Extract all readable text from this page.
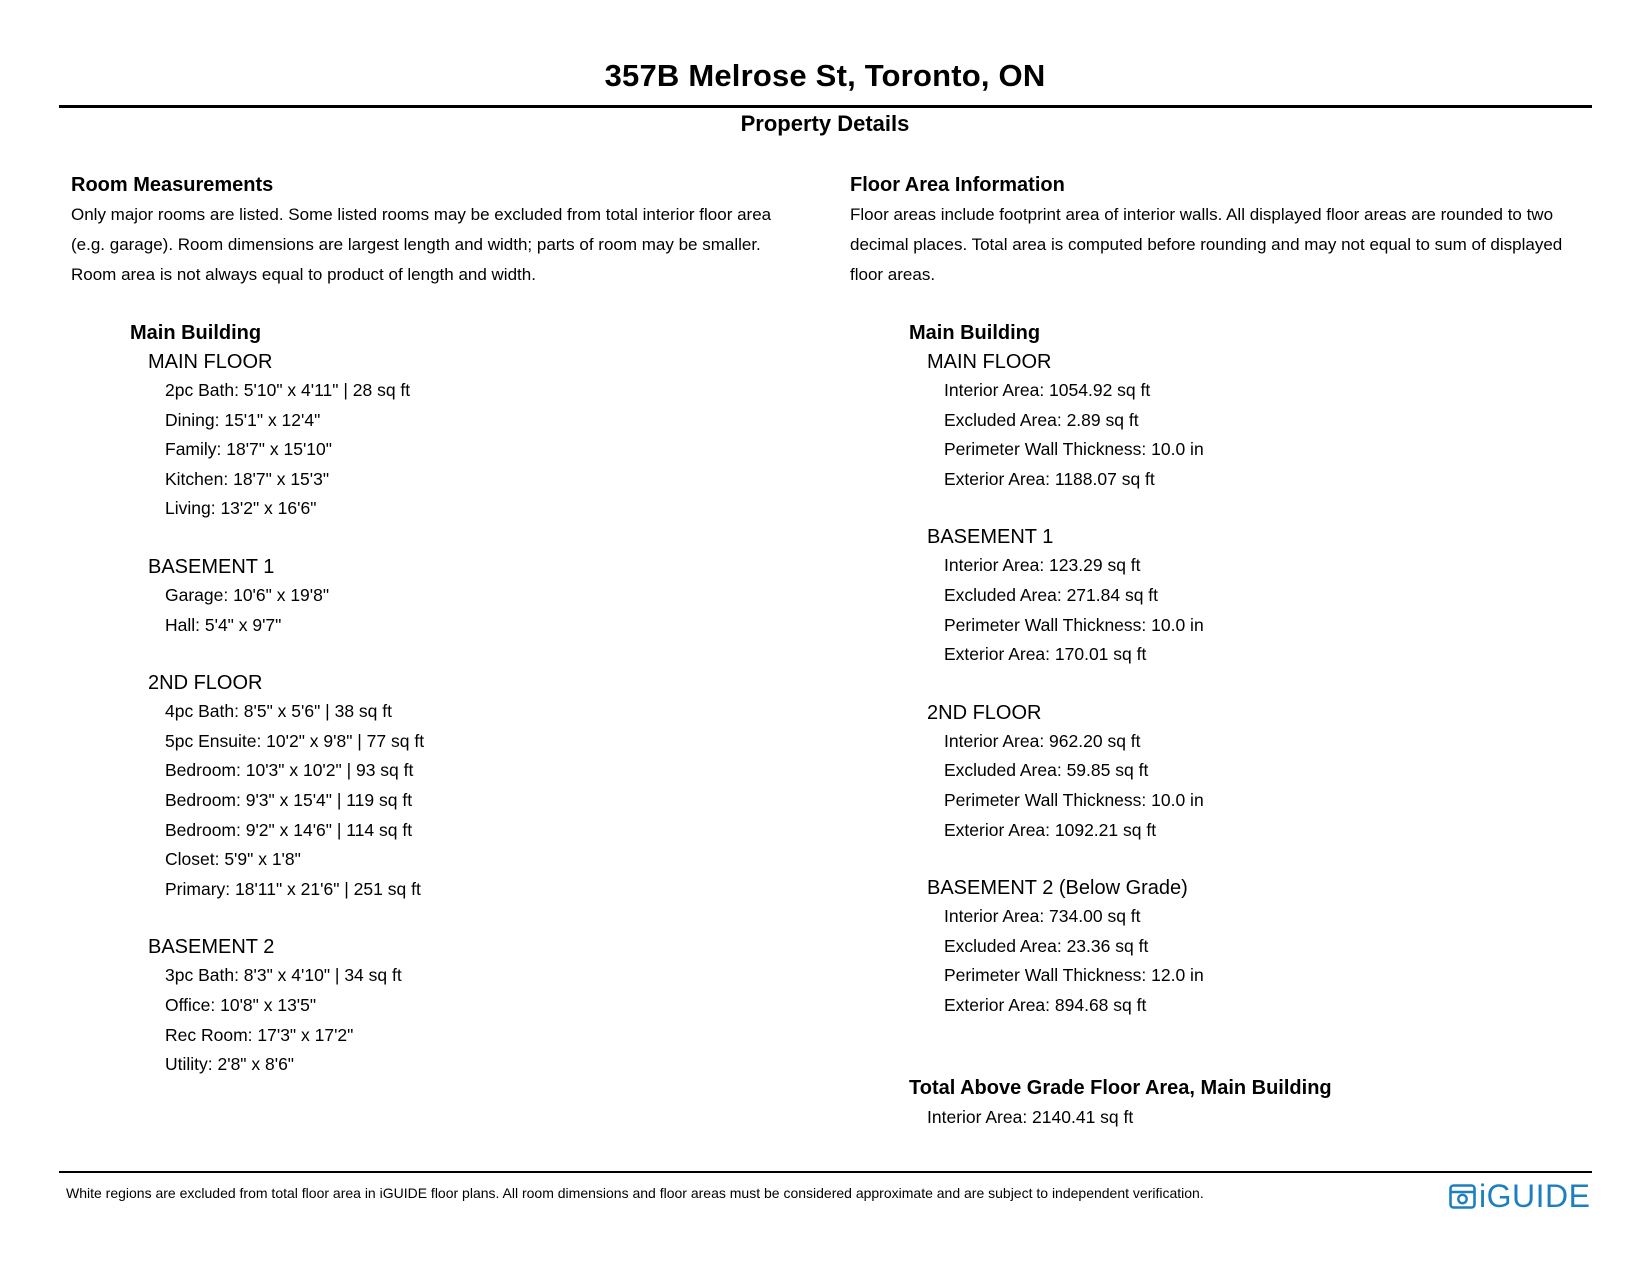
357B Melrose St, Toronto, ON
Property Details
Room Measurements
Only major rooms are listed. Some listed rooms may be excluded from total interior floor area
(e.g. garage). Room dimensions are largest length and width; parts of room may be smaller.
Room area is not always equal to product of length and width.
Main Building
MAIN FLOOR
2pc Bath: 5'10" x 4'11" | 28 sq ft
Dining: 15'1" x 12'4"
Family: 18'7" x 15'10"
Kitchen: 18'7" x 15'3"
Living: 13'2" x 16'6"
BASEMENT 1
Garage: 10'6" x 19'8"
Hall: 5'4" x 9'7"
2ND FLOOR
4pc Bath: 8'5" x 5'6" | 38 sq ft
5pc Ensuite: 10'2" x 9'8" | 77 sq ft
Bedroom: 10'3" x 10'2" | 93 sq ft
Bedroom: 9'3" x 15'4" | 119 sq ft
Bedroom: 9'2" x 14'6" | 114 sq ft
Closet: 5'9" x 1'8"
Primary: 18'11" x 21'6" | 251 sq ft
BASEMENT 2
3pc Bath: 8'3" x 4'10" | 34 sq ft
Office: 10'8" x 13'5"
Rec Room: 17'3" x 17'2"
Utility: 2'8" x 8'6"
Floor Area Information
Floor areas include footprint area of interior walls. All displayed floor areas are rounded to two
decimal places. Total area is computed before rounding and may not equal to sum of displayed
floor areas.
Main Building
MAIN FLOOR
Interior Area: 1054.92 sq ft
Excluded Area: 2.89 sq ft
Perimeter Wall Thickness: 10.0 in
Exterior Area: 1188.07 sq ft
BASEMENT 1
Interior Area: 123.29 sq ft
Excluded Area: 271.84 sq ft
Perimeter Wall Thickness: 10.0 in
Exterior Area: 170.01 sq ft
2ND FLOOR
Interior Area: 962.20 sq ft
Excluded Area: 59.85 sq ft
Perimeter Wall Thickness: 10.0 in
Exterior Area: 1092.21 sq ft
BASEMENT 2 (Below Grade)
Interior Area: 734.00 sq ft
Excluded Area: 23.36 sq ft
Perimeter Wall Thickness: 12.0 in
Exterior Area: 894.68 sq ft
Total Above Grade Floor Area, Main Building
Interior Area: 2140.41 sq ft
White regions are excluded from total floor area in iGUIDE floor plans. All room dimensions and floor areas must be considered approximate and are subject to independent verification.	iGUIDE
